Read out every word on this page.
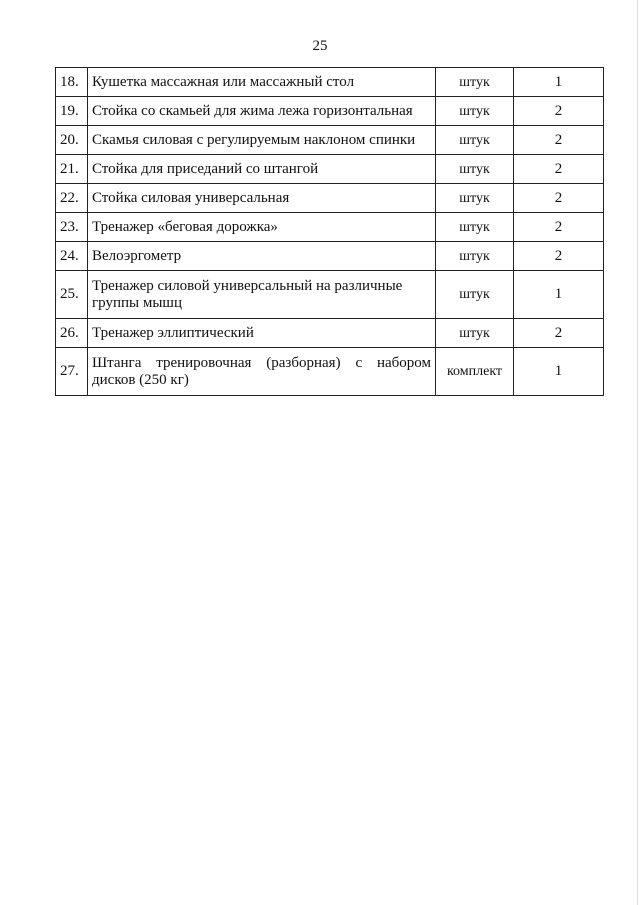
25
18.	Кушетка массажная или массажный стол	штук	1
19.	Стойка со скамьей для жима лежа горизонтальная	штук	2
20.	Скамья силовая с регулируемым наклоном спинки	штук	2
21.	Стойка для приседаний со штангой	штук	2
22.	Стойка силовая универсальная	штук	2
23.	Тренажер «беговая дорожка»	штук	2
24.	Велоэргометр	штук	2
25.	Тренажер силовой универсальный на различные группы мышц	штук	1
26.	Тренажер эллиптический	штук	2
27.	Штанга тренировочная (разборная) с набором дисков (250 кг)	комплект	1
